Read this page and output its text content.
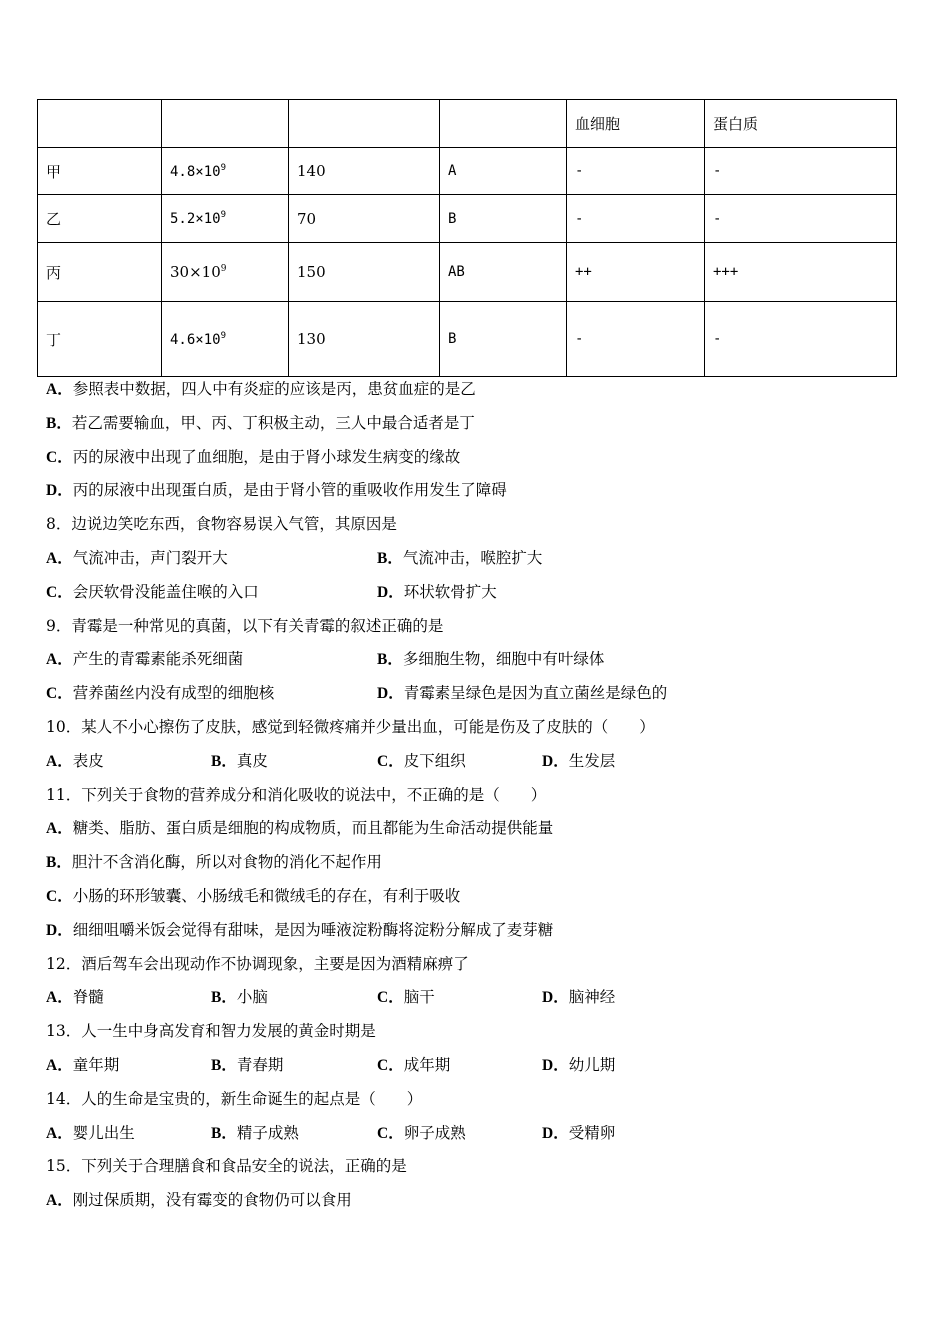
				血细胞	蛋白质
甲	$4.8\times 10^9$	140	A	-	-
乙	$5.2\times 10^9$	70	B	-	-
丙	$30\times 10^9$	150	AB	++	+++
丁	$4.6\times 10^9$	130	B	-	-
A．参照表中数据，四人中有炎症的应该是丙，患贫血症的是乙
B．若乙需要输血，甲、丙、丁积极主动，三人中最合适者是丁
C．丙的尿液中出现了血细胞，是由于肾小球发生病变的缘故
D．丙的尿液中出现蛋白质，是由于肾小管的重吸收作用发生了障碍
8．边说边笑吃东西，食物容易误入气管，其原因是
A．气流冲击，声门裂开大	B．气流冲击，喉腔扩大
C．会厌软骨没能盖住喉的入口	D．环状软骨扩大
9．青霉是一种常见的真菌，以下有关青霉的叙述正确的是
A．产生的青霉素能杀死细菌	B．多细胞生物，细胞中有叶绿体
C．营养菌丝内没有成型的细胞核	D．青霉素呈绿色是因为直立菌丝是绿色的
10．某人不小心擦伤了皮肤，感觉到轻微疼痛并少量出血，可能是伤及了皮肤的（　　）
A．表皮	B．真皮	C．皮下组织	D．生发层
11．下列关于食物的营养成分和消化吸收的说法中，不正确的是（　　）
A．糖类、脂肪、蛋白质是细胞的构成物质，而且都能为生命活动提供能量
B．胆汁不含消化酶，所以对食物的消化不起作用
C．小肠的环形皱囊、小肠绒毛和微绒毛的存在，有利于吸收
D．细细咀嚼米饭会觉得有甜味，是因为唾液淀粉酶将淀粉分解成了麦芽糖
12．酒后驾车会出现动作不协调现象，主要是因为酒精麻痹了
A．脊髓	B．小脑	C．脑干	D．脑神经
13．人一生中身高发育和智力发展的黄金时期是
A．童年期	B．青春期	C．成年期	D．幼儿期
14．人的生命是宝贵的，新生命诞生的起点是（　　）
A．婴儿出生	B．精子成熟	C．卵子成熟	D．受精卵
15．下列关于合理膳食和食品安全的说法，正确的是
A．刚过保质期，没有霉变的食物仍可以食用
